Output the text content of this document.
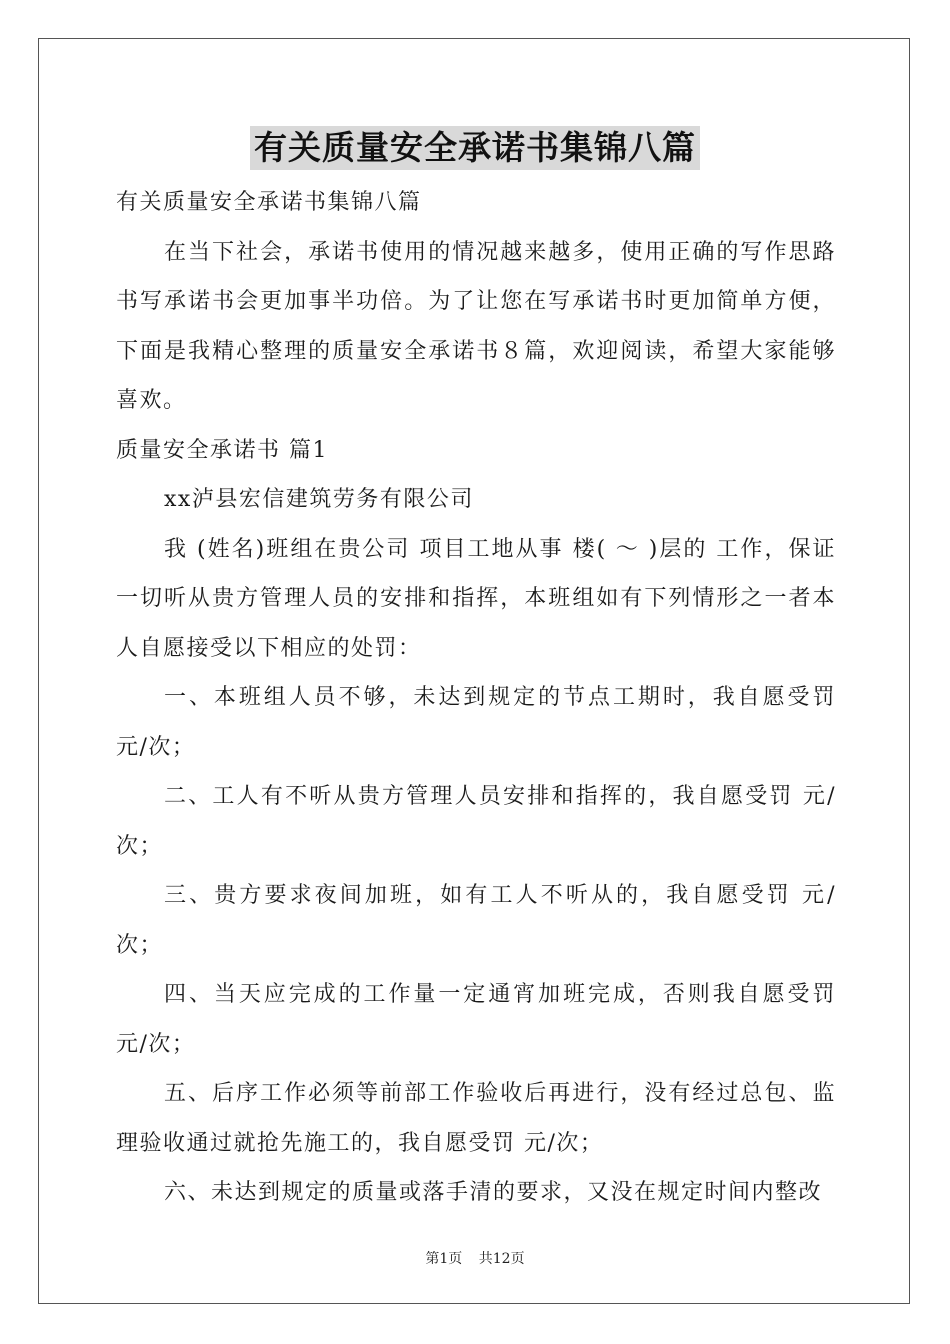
有关质量安全承诺书集锦八篇

有关质量安全承诺书集锦八篇

在当下社会，承诺书使用的情况越来越多，使用正确的写作思路书写承诺书会更加事半功倍。为了让您在写承诺书时更加简单方便，下面是我精心整理的质量安全承诺书８篇，欢迎阅读，希望大家能够喜欢。

质量安全承诺书 篇1

xx泸县宏信建筑劳务有限公司

我 (姓名)班组在贵公司 项目工地从事 楼( ～ )层的 工作，保证一切听从贵方管理人员的安排和指挥，本班组如有下列情形之一者本人自愿接受以下相应的处罚：

一、本班组人员不够，未达到规定的节点工期时，我自愿受罚 元/次；

二、工人有不听从贵方管理人员安排和指挥的，我自愿受罚 元/次；

三、贵方要求夜间加班，如有工人不听从的，我自愿受罚 元/次；

四、当天应完成的工作量一定通宵加班完成，否则我自愿受罚 元/次；

五、后序工作必须等前部工作验收后再进行，没有经过总包、监理验收通过就抢先施工的，我自愿受罚 元/次；

六、未达到规定的质量或落手清的要求，又没在规定时间内整改

第1页 共12页
